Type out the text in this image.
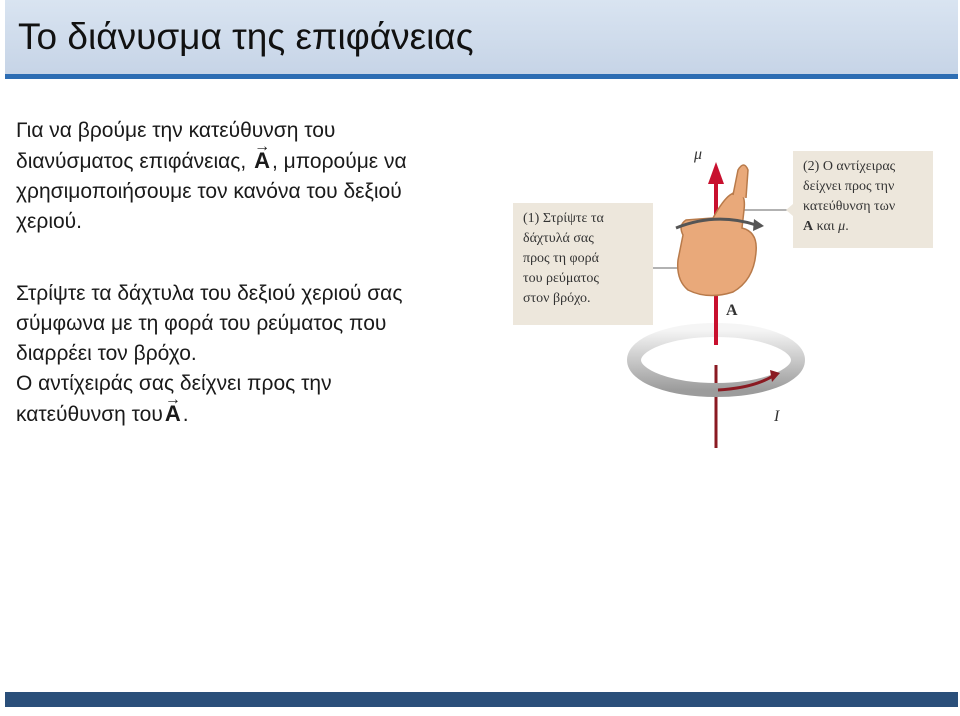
Το διάνυσμα της επιφάνειας
Για να βρούμε την κατεύθυνση του
διανύσματος επιφάνειας, → A, μπορούμε να
χρησιμοποιήσουμε τον κανόνα του δεξιού
χεριού.
Στρίψτε τα δάχτυλα του δεξιού χεριού σας
σύμφωνα με τη φορά του ρεύματος που
διαρρέει τον βρόχο.
Ο αντίχειράς σας δείχνει προς την
κατεύθυνση του→ A.
(1) Στρίψτε τα
δάχτυλά σας
προς τη φορά
του ρεύματος
στον βρόχο.
(2) Ο αντίχειρας
δείχνει προς την
κατεύθυνση των
A και μ.
μ
A
I
